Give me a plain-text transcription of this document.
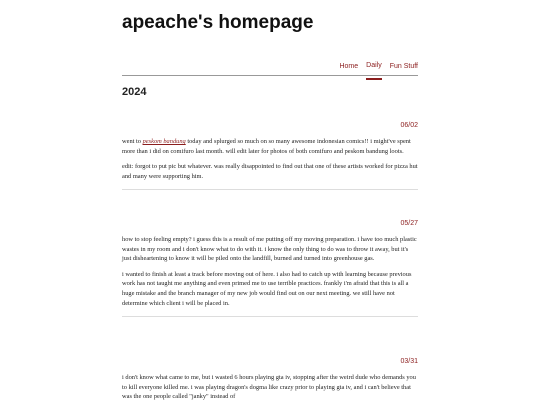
apeache's homepage
Home Daily Fun Stuff
2024
06/02

went to peskom bandung today and splurged so much on so many awesome indonesian comics!! i might've spent more than i did on comifuro last month. will edit later for photos of both comifuro and peskom bandung loots.

edit: forgot to put pic but whatever. was really disappointed to find out that one of these artists worked for pizza hut and many were supporting him.

05/27

how to stop feeling empty? i guess this is a result of me putting off my moving preparation. i have too much plastic wastes in my room and i don't know what to do with it. i know the only thing to do was to throw it away, but it's just disheartening to know it will be piled onto the landfill, burned and turned into greenhouse gas.

i wanted to finish at least a track before moving out of here. i also had to catch up with learning because previous work has not taught me anything and even primed me to use terrible practices. frankly i'm afraid that this is all a huge mistake and the branch manager of my new job would find out on our next meeting. we still have not determine which client i will be placed in.

03/31

i don't know what came to me, but i wasted 6 hours playing gta iv, stopping after the weird dude who demands you to kill everyone killed me. i was playing dragon's dogma like crazy prior to playing gta iv, and i can't believe that was the one people called "janky" instead of
